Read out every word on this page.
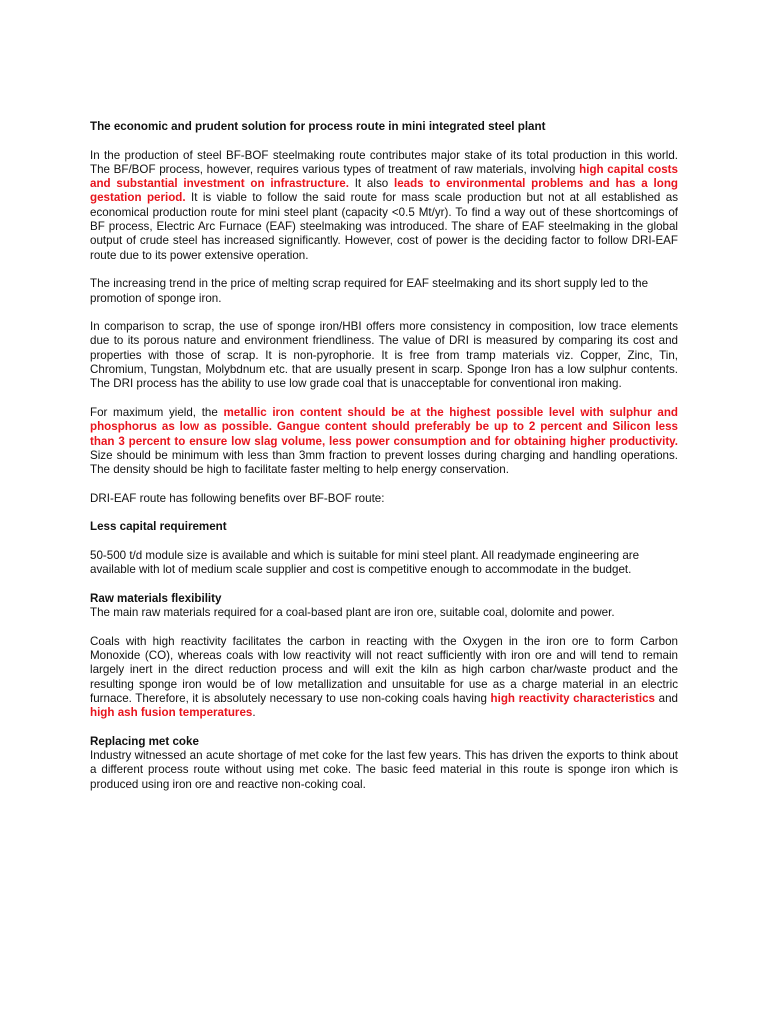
The economic and prudent solution for process route in mini integrated steel plant

In the production of steel BF-BOF steelmaking route contributes major stake of its total production in this world. The BF/BOF process, however, requires various types of treatment of raw materials, involving high capital costs and substantial investment on infrastructure. It also leads to environmental problems and has a long gestation period. It is viable to follow the said route for mass scale production but not at all established as economical production route for mini steel plant (capacity <0.5 Mt/yr). To find a way out of these shortcomings of BF process, Electric Arc Furnace (EAF) steelmaking was introduced. The share of EAF steelmaking in the global output of crude steel has increased significantly. However, cost of power is the deciding factor to follow DRI-EAF route due to its power extensive operation.

The increasing trend in the price of melting scrap required for EAF steelmaking and its short supply led to the promotion of sponge iron.

In comparison to scrap, the use of sponge iron/HBI offers more consistency in composition, low trace elements due to its porous nature and environment friendliness. The value of DRI is measured by comparing its cost and properties with those of scrap. It is non-pyrophorie. It is free from tramp materials viz. Copper, Zinc, Tin, Chromium, Tungstan, Molybdnum etc. that are usually present in scarp. Sponge Iron has a low sulphur contents. The DRI process has the ability to use low grade coal that is unacceptable for conventional iron making.

For maximum yield, the metallic iron content should be at the highest possible level with sulphur and phosphorus as low as possible. Gangue content should preferably be up to 2 percent and Silicon less than 3 percent to ensure low slag volume, less power consumption and for obtaining higher productivity. Size should be minimum with less than 3mm fraction to prevent losses during charging and handling operations. The density should be high to facilitate faster melting to help energy conservation.

DRI-EAF route has following benefits over BF-BOF route:

Less capital requirement

50-500 t/d module size is available and which is suitable for mini steel plant. All readymade engineering are available with lot of medium scale supplier and cost is competitive enough to accommodate in the budget.

Raw materials flexibility

The main raw materials required for a coal-based plant are iron ore, suitable coal, dolomite and power.

Coals with high reactivity facilitates the carbon in reacting with the Oxygen in the iron ore to form Carbon Monoxide (CO), whereas coals with low reactivity will not react sufficiently with iron ore and will tend to remain largely inert in the direct reduction process and will exit the kiln as high carbon char/waste product and the resulting sponge iron would be of low metallization and unsuitable for use as a charge material in an electric furnace. Therefore, it is absolutely necessary to use non-coking coals having high reactivity characteristics and high ash fusion temperatures.

Replacing met coke

Industry witnessed an acute shortage of met coke for the last few years. This has driven the exports to think about a different process route without using met coke. The basic feed material in this route is sponge iron which is produced using iron ore and reactive non-coking coal.
